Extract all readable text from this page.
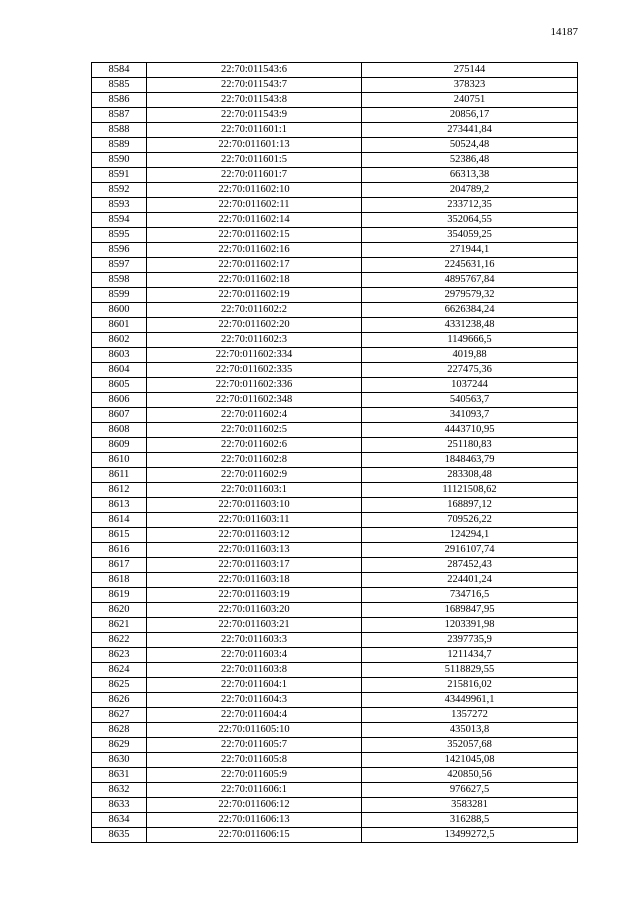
14187
8584	22:70:011543:6	275144
8585	22:70:011543:7	378323
8586	22:70:011543:8	240751
8587	22:70:011543:9	20856,17
8588	22:70:011601:1	273441,84
8589	22:70:011601:13	50524,48
8590	22:70:011601:5	52386,48
8591	22:70:011601:7	66313,38
8592	22:70:011602:10	204789,2
8593	22:70:011602:11	233712,35
8594	22:70:011602:14	352064,55
8595	22:70:011602:15	354059,25
8596	22:70:011602:16	271944,1
8597	22:70:011602:17	2245631,16
8598	22:70:011602:18	4895767,84
8599	22:70:011602:19	2979579,32
8600	22:70:011602:2	6626384,24
8601	22:70:011602:20	4331238,48
8602	22:70:011602:3	1149666,5
8603	22:70:011602:334	4019,88
8604	22:70:011602:335	227475,36
8605	22:70:011602:336	1037244
8606	22:70:011602:348	540563,7
8607	22:70:011602:4	341093,7
8608	22:70:011602:5	4443710,95
8609	22:70:011602:6	251180,83
8610	22:70:011602:8	1848463,79
8611	22:70:011602:9	283308,48
8612	22:70:011603:1	11121508,62
8613	22:70:011603:10	168897,12
8614	22:70:011603:11	709526,22
8615	22:70:011603:12	124294,1
8616	22:70:011603:13	2916107,74
8617	22:70:011603:17	287452,43
8618	22:70:011603:18	224401,24
8619	22:70:011603:19	734716,5
8620	22:70:011603:20	1689847,95
8621	22:70:011603:21	1203391,98
8622	22:70:011603:3	2397735,9
8623	22:70:011603:4	1211434,7
8624	22:70:011603:8	5118829,55
8625	22:70:011604:1	215816,02
8626	22:70:011604:3	43449961,1
8627	22:70:011604:4	1357272
8628	22:70:011605:10	435013,8
8629	22:70:011605:7	352057,68
8630	22:70:011605:8	1421045,08
8631	22:70:011605:9	420850,56
8632	22:70:011606:1	976627,5
8633	22:70:011606:12	3583281
8634	22:70:011606:13	316288,5
8635	22:70:011606:15	13499272,5
